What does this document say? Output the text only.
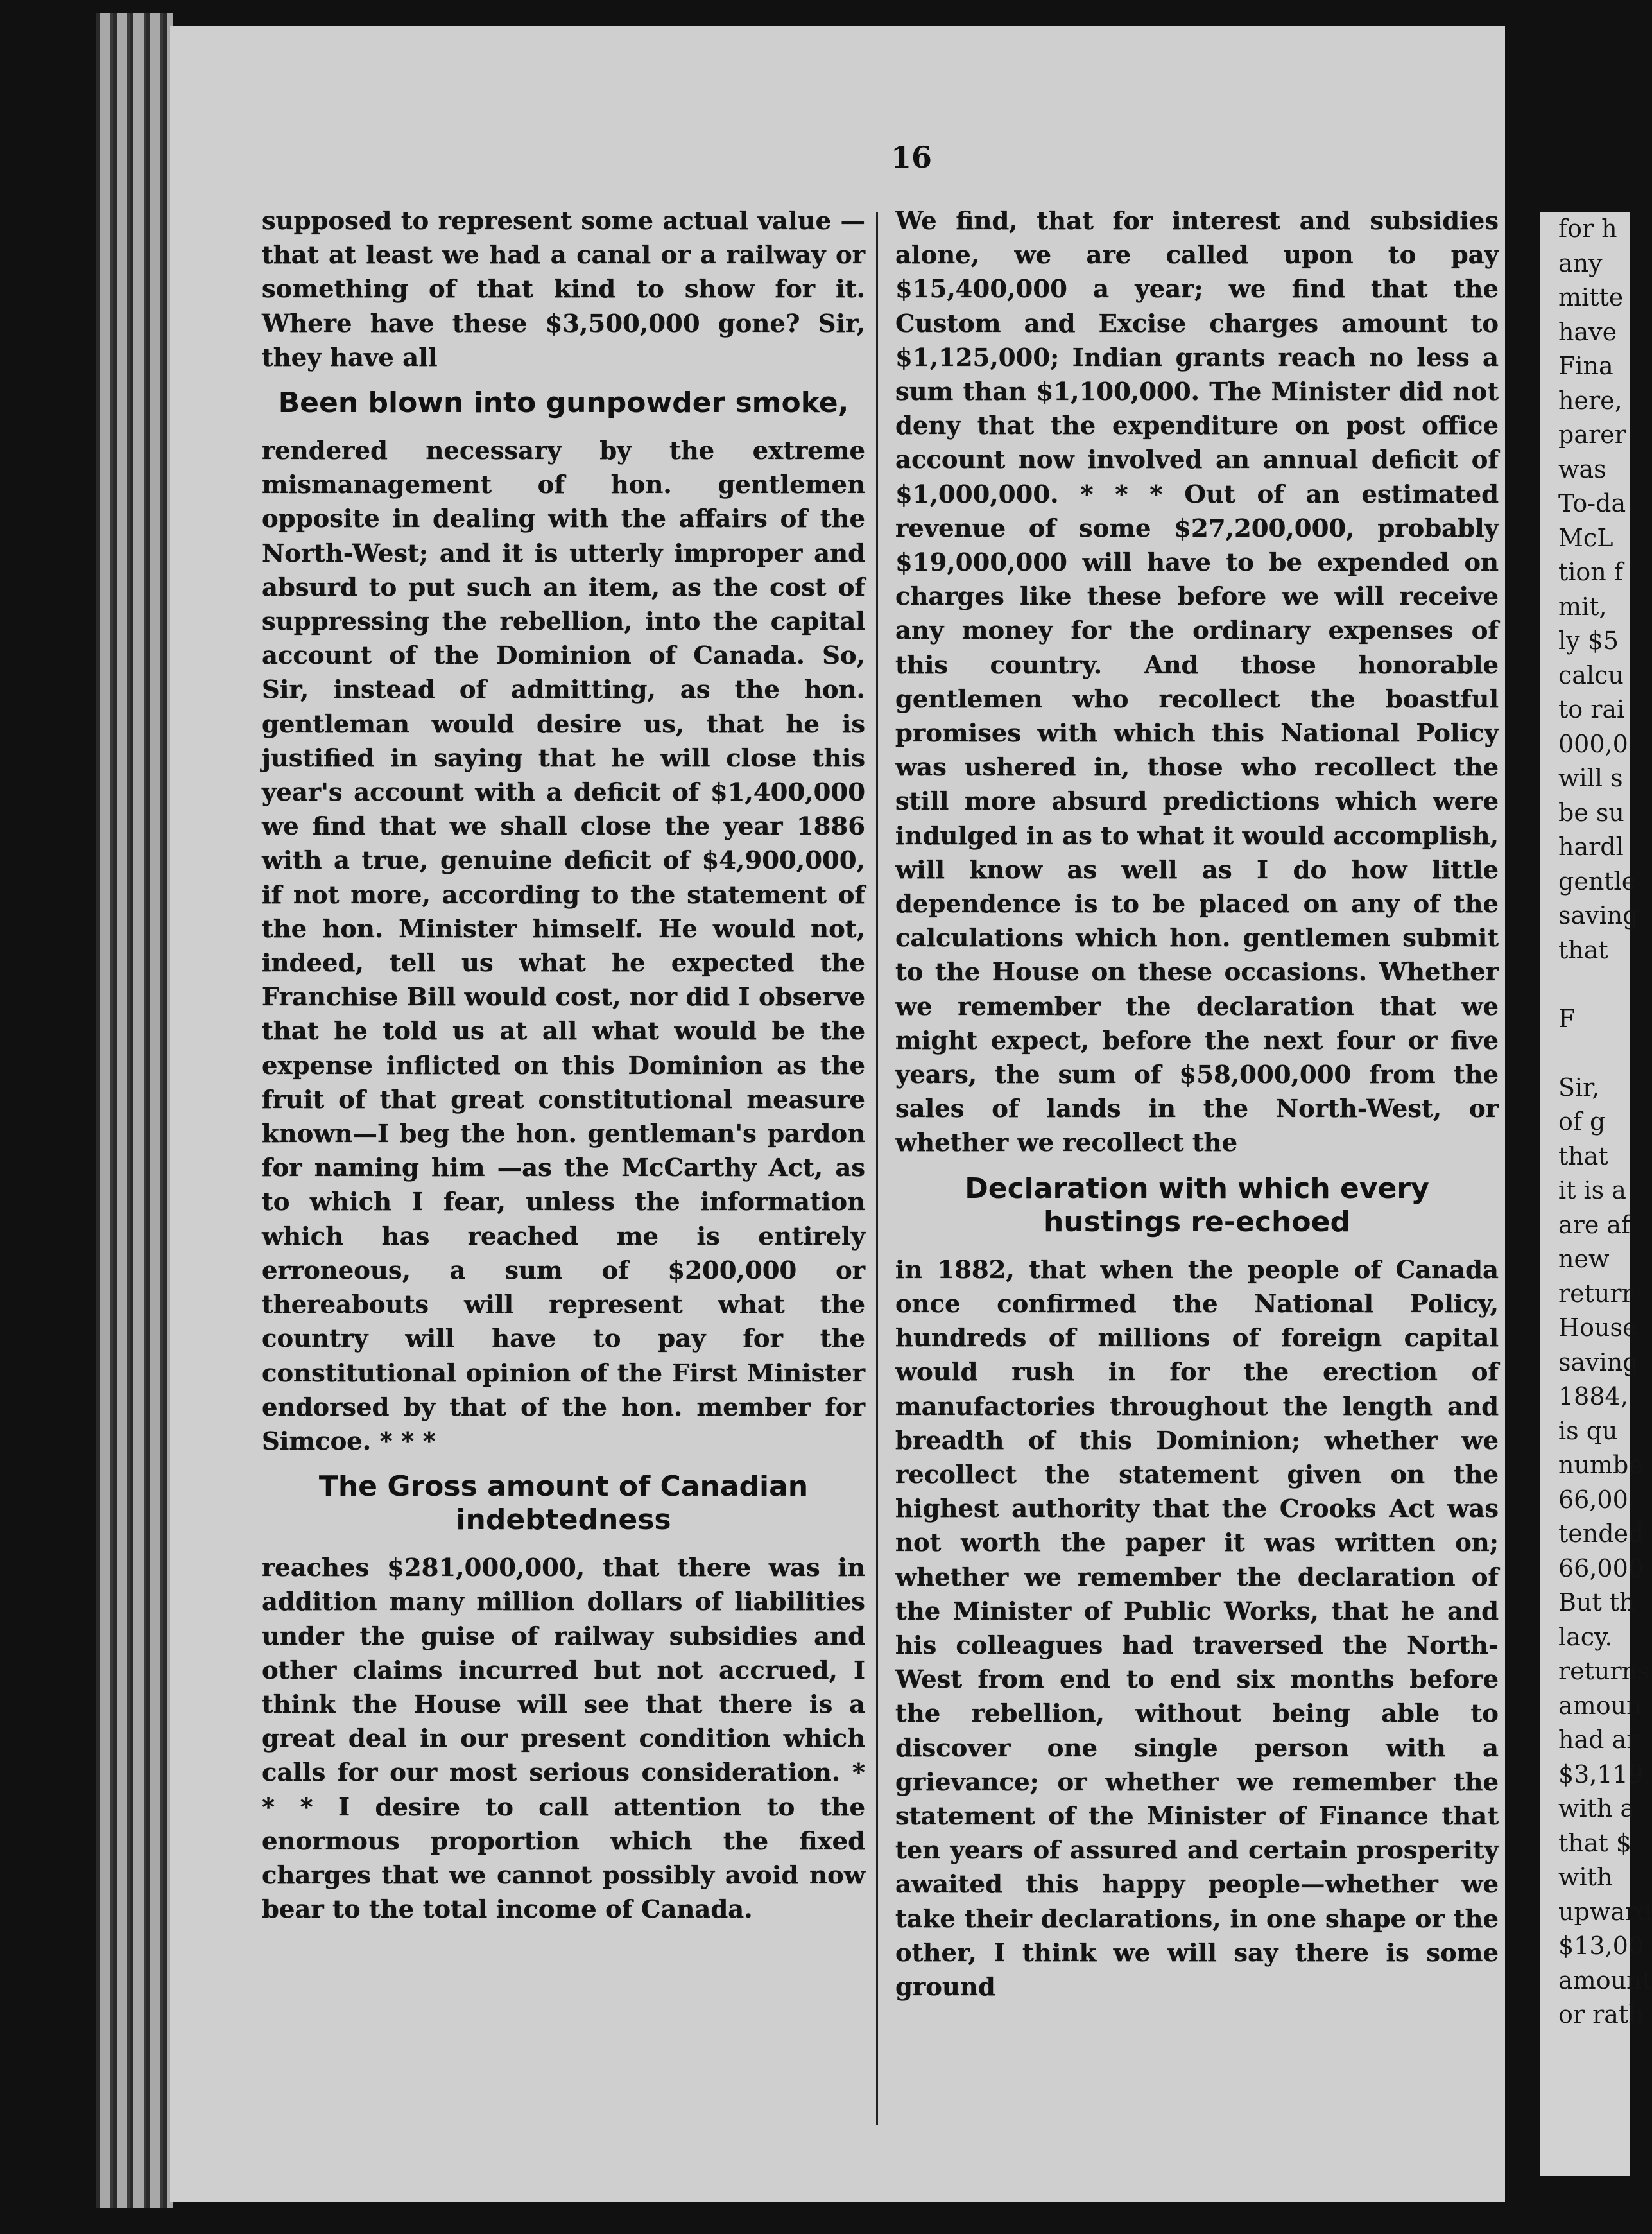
16

supposed to represent some actual value —that at least we had a canal or a railway or something of that kind to show for it. Where have these $3,500,000 gone? Sir, they have all

Been blown into gunpowder smoke,

rendered necessary by the extreme mismanagement of hon. gentlemen opposite in dealing with the affairs of the North-West; and it is utterly improper and absurd to put such an item, as the cost of suppressing the rebellion, into the capital account of the Dominion of Canada. So, Sir, instead of admitting, as the hon. gentleman would desire us, that he is justified in saying that he will close this year's account with a deficit of $1,400,000 we find that we shall close the year 1886 with a true, genuine deficit of $4,900,000, if not more, according to the statement of the hon. Minister himself. He would not, indeed, tell us what he expected the Franchise Bill would cost, nor did I observe that he told us at all what would be the expense inflicted on this Dominion as the fruit of that great constitutional measure known—I beg the hon. gentleman's pardon for naming him —as the McCarthy Act, as to which I fear, unless the information which has reached me is entirely erroneous, a sum of $200,000 or thereabouts will represent what the country will have to pay for the constitutional opinion of the First Minister endorsed by that of the hon. member for Simcoe. * * *

The Gross amount of Canadian indebtedness

reaches $281,000,000, that there was in addition many million dollars of liabilities under the guise of railway subsidies and other claims incurred but not accrued, I think the House will see that there is a great deal in our present condition which calls for our most serious consideration. * * * I desire to call attention to the enormous proportion which the fixed charges that we cannot possibly avoid now bear to the total income of Canada.

We find, that for interest and subsidies alone, we are called upon to pay $15,400,000 a year; we find that the Custom and Excise charges amount to $1,125,000; Indian grants reach no less a sum than $1,100,000. The Minister did not deny that the expenditure on post office account now involved an annual deficit of $1,000,000. * * * Out of an estimated revenue of some $27,200,000, probably $19,000,000 will have to be expended on charges like these before we will receive any money for the ordinary expenses of this country. And those honorable gentlemen who recollect the boastful promises with which this National Policy was ushered in, those who recollect the still more absurd predictions which were indulged in as to what it would accomplish, will know as well as I do how little dependence is to be placed on any of the calculations which hon. gentlemen submit to the House on these occasions. Whether we remember the declaration that we might expect, before the next four or five years, the sum of $58,000,000 from the sales of lands in the North-West, or whether we recollect the

Declaration with which every hustings re-echoed

in 1882, that when the people of Canada once confirmed the National Policy, hundreds of millions of foreign capital would rush in for the erection of manufactories throughout the length and breadth of this Dominion; whether we recollect the statement given on the highest authority that the Crooks Act was not worth the paper it was written on; whether we remember the declaration of the Minister of Public Works, that he and his colleagues had traversed the North-West from end to end six months before the rebellion, without being able to discover one single person with a grievance; or whether we remember the statement of the Minister of Finance that ten years of assured and certain prosperity awaited this happy people—whether we take their declarations, in one shape or the other, I think we will say there is some ground

for h
any
mitte
have
Fina
here,
parer
was
To-da
McL
tion f
mit,
ly $5
calcu
to rai
000,0
will s
be su
hardl
gentle
saving
that
F
Sir,
of g
that
it is a
are af
new
returr
House
saving
1884,
is qu
numbe
66,00
tended
66,000
But th
lacy.
returns
amoun
had ar
$3,119
with a
that $
with
upward
$13,00
amount
or rath
